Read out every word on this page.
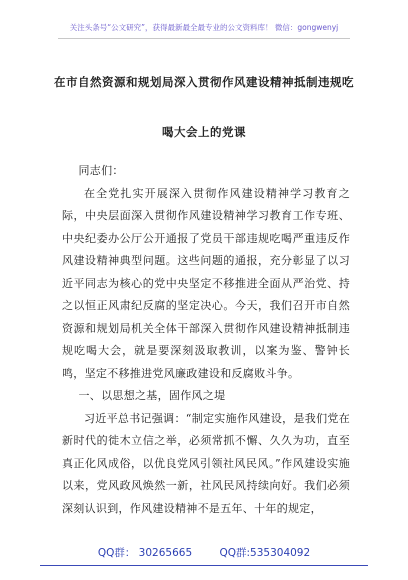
关注头条号“公文研究”，获得最新最全最专业的公文资料库！ 微信：gongwenyj
在市自然资源和规划局深入贯彻作风建设精神抵制违规吃
喝大会上的党课

同志们：

在全党扎实开展深入贯彻作风建设精神学习教育之际，中央层面深入贯彻作风建设精神学习教育工作专班、中央纪委办公厅公开通报了党员干部违规吃喝严重违反作风建设精神典型问题。这些问题的通报，充分彰显了以习近平同志为核心的党中央坚定不移推进全面从严治党、持之以恒正风肃纪反腐的坚定决心。今天，我们召开市自然资源和规划局机关全体干部深入贯彻作风建设精神抵制违规吃喝大会，就是要深刻汲取教训，以案为鉴、警钟长鸣，坚定不移推进党风廉政建设和反腐败斗争。

一、以思想之基，固作风之堤

习近平总书记强调：“制定实施作风建设，是我们党在新时代的徙木立信之举，必须常抓不懈、久久为功，直至真正化风成俗，以优良党风引领社风民风。”作风建设实施以来，党风政风焕然一新，社风民风持续向好。我们必须深刻认识到，作风建设精神不是五年、十年的规定，

QQ群： 30265665	QQ群:535304092
